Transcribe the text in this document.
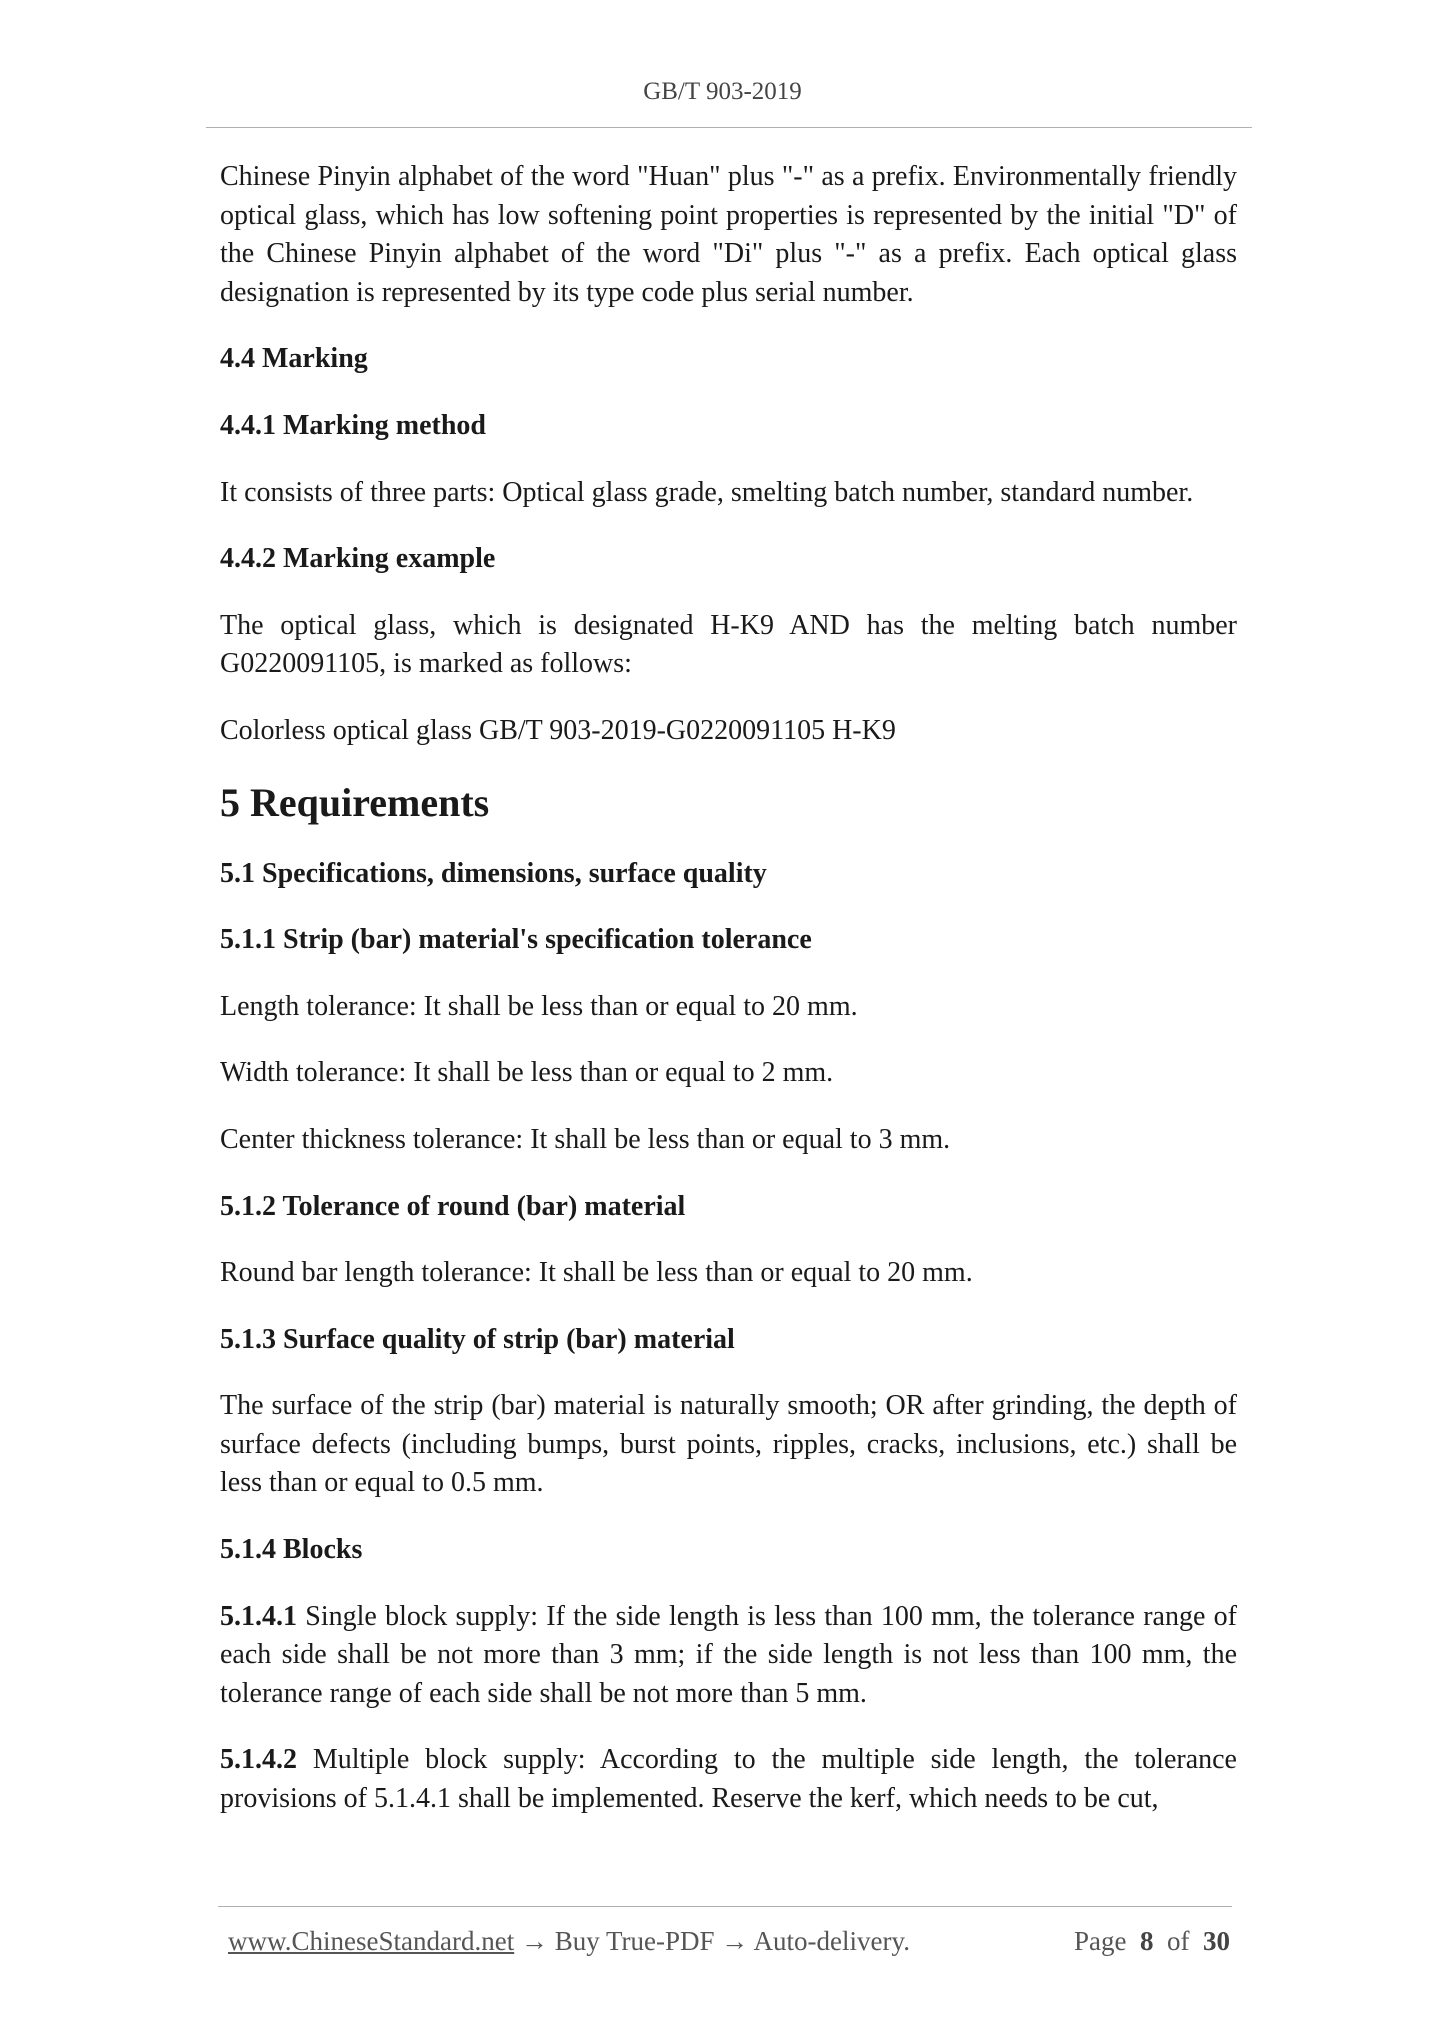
GB/T 903-2019

Chinese Pinyin alphabet of the word "Huan" plus "-" as a prefix. Environmentally friendly optical glass, which has low softening point properties is represented by the initial "D" of the Chinese Pinyin alphabet of the word "Di" plus "-" as a prefix. Each optical glass designation is represented by its type code plus serial number.

4.4 Marking
4.4.1 Marking method

It consists of three parts: Optical glass grade, smelting batch number, standard number.

4.4.2 Marking example

The optical glass, which is designated H-K9 AND has the melting batch number G0220091105, is marked as follows:

Colorless optical glass GB/T 903-2019-G0220091105 H-K9

5 Requirements
5.1 Specifications, dimensions, surface quality
5.1.1 Strip (bar) material's specification tolerance

Length tolerance: It shall be less than or equal to 20 mm.

Width tolerance: It shall be less than or equal to 2 mm.

Center thickness tolerance: It shall be less than or equal to 3 mm.

5.1.2 Tolerance of round (bar) material

Round bar length tolerance: It shall be less than or equal to 20 mm.

5.1.3 Surface quality of strip (bar) material

The surface of the strip (bar) material is naturally smooth; OR after grinding, the depth of surface defects (including bumps, burst points, ripples, cracks, inclusions, etc.) shall be less than or equal to 0.5 mm.

5.1.4 Blocks

5.1.4.1 Single block supply: If the side length is less than 100 mm, the tolerance range of each side shall be not more than 3 mm; if the side length is not less than 100 mm, the tolerance range of each side shall be not more than 5 mm.

5.1.4.2 Multiple block supply: According to the multiple side length, the tolerance provisions of 5.1.4.1 shall be implemented. Reserve the kerf, which needs to be cut,

www.ChineseStandard.net → Buy True-PDF → Auto-delivery.	Page 8 of 30
